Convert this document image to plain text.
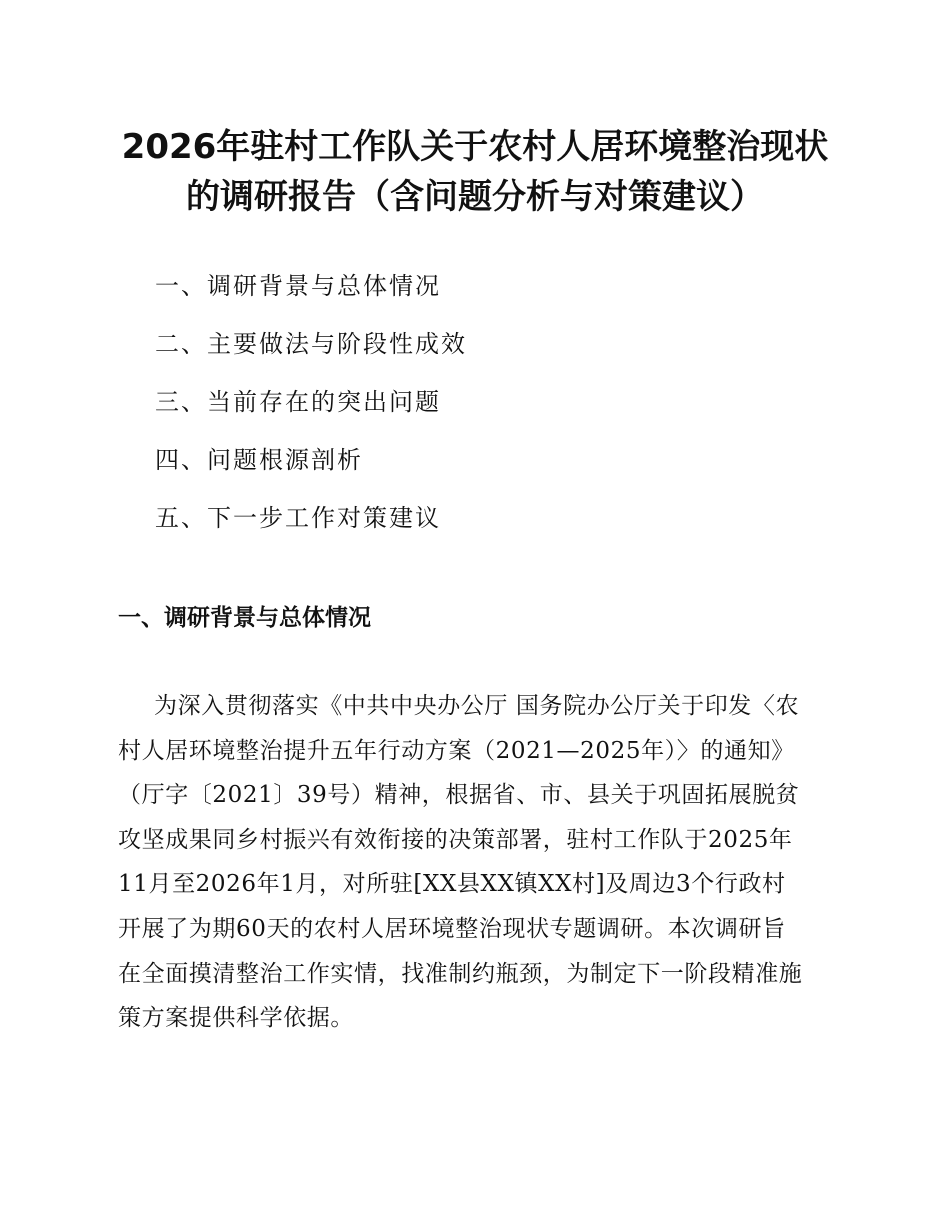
2026年驻村工作队关于农村人居环境整治现状
的调研报告（含问题分析与对策建议）
一、调研背景与总体情况
二、主要做法与阶段性成效
三、当前存在的突出问题
四、问题根源剖析
五、下一步工作对策建议
一、调研背景与总体情况
为深入贯彻落实《中共中央办公厅 国务院办公厅关于印发〈农
村人居环境整治提升五年行动方案（2021—2025年）〉的通知》
（厅字〔2021〕39号）精神，根据省、市、县关于巩固拓展脱贫
攻坚成果同乡村振兴有效衔接的决策部署，驻村工作队于2025年
11月至2026年1月，对所驻[XX县XX镇XX村]及周边3个行政村
开展了为期60天的农村人居环境整治现状专题调研。本次调研旨
在全面摸清整治工作实情，找准制约瓶颈，为制定下一阶段精准施
策方案提供科学依据。
